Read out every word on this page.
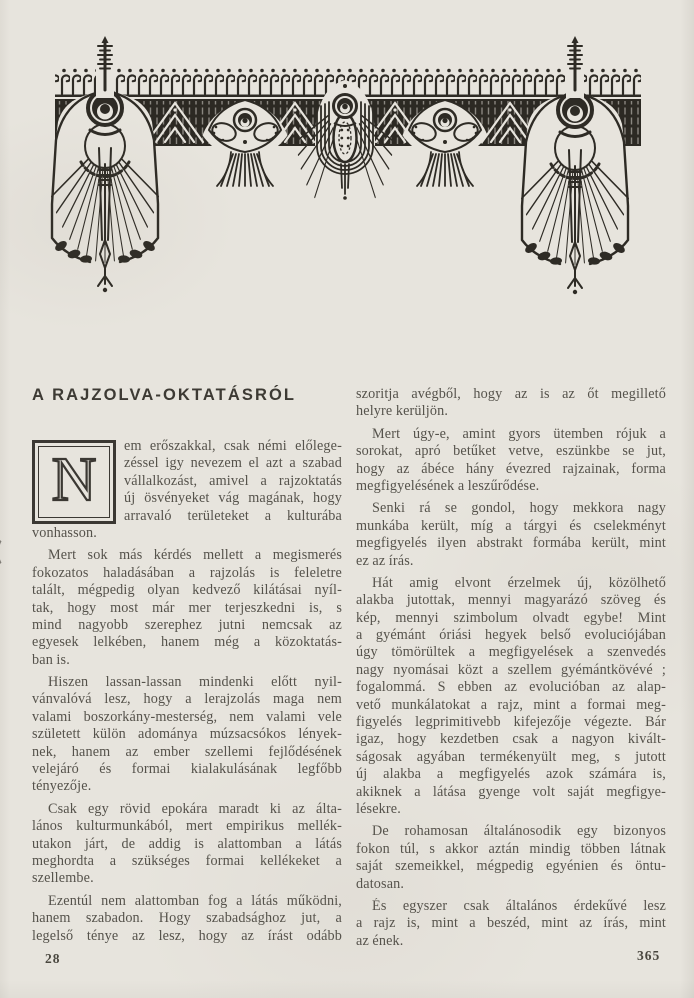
A RAJZOLVA-OKTATÁSRÓL
N em erőszakkal, csak némi előlege-
zéssel igy nevezem el azt a szabad
vállalkozást, amivel a rajzoktatás
új ösvényeket vág magának, hogy
arravaló területeket a kulturába
vonhasson.
Mert sok más kérdés mellett a megismerés
fokozatos haladásában a rajzolás is feleletre
talált, mégpedig olyan kedvező kilátásai nyíl-
tak, hogy most már mer terjeszkedni is, s
mind nagyobb szerephez jutni nemcsak az
egyesek lelkében, hanem még a közoktatás-
ban is.
Hiszen lassan-lassan mindenki előtt nyil-
vánvalóvá lesz, hogy a lerajzolás maga nem
valami boszorkány-mesterség, nem valami vele
született külön adománya múzsacsókos lények-
nek, hanem az ember szellemi fejlődésének
velejáró és formai kialakulásának legfőbb
tényezője.
Csak egy rövid epokára maradt ki az álta-
lános kulturmunkából, mert empirikus mellék-
utakon járt, de addig is alattomban a látás
meghordta a szükséges formai kellékeket a
szellembe.
Ezentúl nem alattomban fog a látás működni,
hanem szabadon. Hogy szabadsághoz jut, a
legelső ténye az lesz, hogy az írást odább
szoritja avégből, hogy az is az őt megillető
helyre kerüljön.
Mert úgy-e, amint gyors ütemben rójuk a
sorokat, apró betűket vetve, eszünkbe se jut,
hogy az ábéce hány évezred rajzainak, forma
megfigyelésének a leszűrődése.
Senki rá se gondol, hogy mekkora nagy
munkába került, míg a tárgyi és cselekményt
megfigyelés ilyen abstrakt formába került, mint
ez az írás.
Hát amig elvont érzelmek új, közölhető
alakba jutottak, mennyi magyarázó szöveg és
kép, mennyi szimbolum olvadt egybe! Mint
a gyémánt óriási hegyek belső evoluciójában
úgy tömörültek a megfigyelések a szenvedés
nagy nyomásai közt a szellem gyémántkövévé ;
fogalommá. S ebben az evolucióban az alap-
vető munkálatokat a rajz, mint a formai meg-
figyelés legprimitivebb kifejezője végezte. Bár
igaz, hogy kezdetben csak a nagyon kivált-
ságosak agyában termékenyült meg, s jutott
új alakba a megfigyelés azok számára is,
akiknek a látása gyenge volt saját megfigye-
lésekre.
De rohamosan általánosodik egy bizonyos
fokon túl, s akkor aztán mindig többen látnak
saját szemeikkel, mégpedig egyénien és öntu-
datosan.
És egyszer csak általános érdekűvé lesz
a rajz is, mint a beszéd, mint az írás, mint
az ének.
28	365
